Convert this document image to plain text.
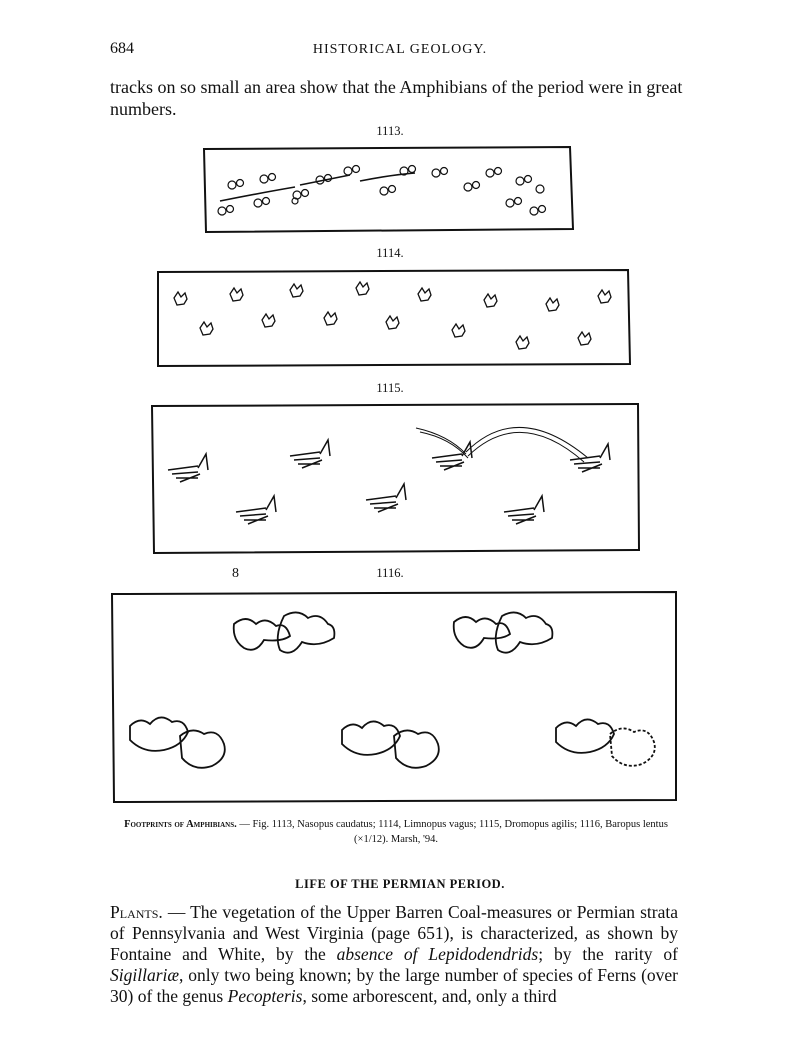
684	HISTORICAL GEOLOGY.
tracks on so small an area show that the Amphibians of the period were in great numbers.
1113.
1114.
1115.
8	1116.
Footprints of Amphibians. — Fig. 1113, Nasopus caudatus; 1114, Limnopus vagus; 1115, Dromopus agilis; 1116, Baropus lentus (×1/12). Marsh, '94.
LIFE OF THE PERMIAN PERIOD.
Plants. — The vegetation of the Upper Barren Coal-measures or Permian strata of Pennsylvania and West Virginia (page 651), is characterized, as shown by Fontaine and White, by the absence of Lepidodendrids; by the rarity of Sigillariæ, only two being known; by the large number of species of Ferns (over 30) of the genus Pecopteris, some arborescent, and, only a third
